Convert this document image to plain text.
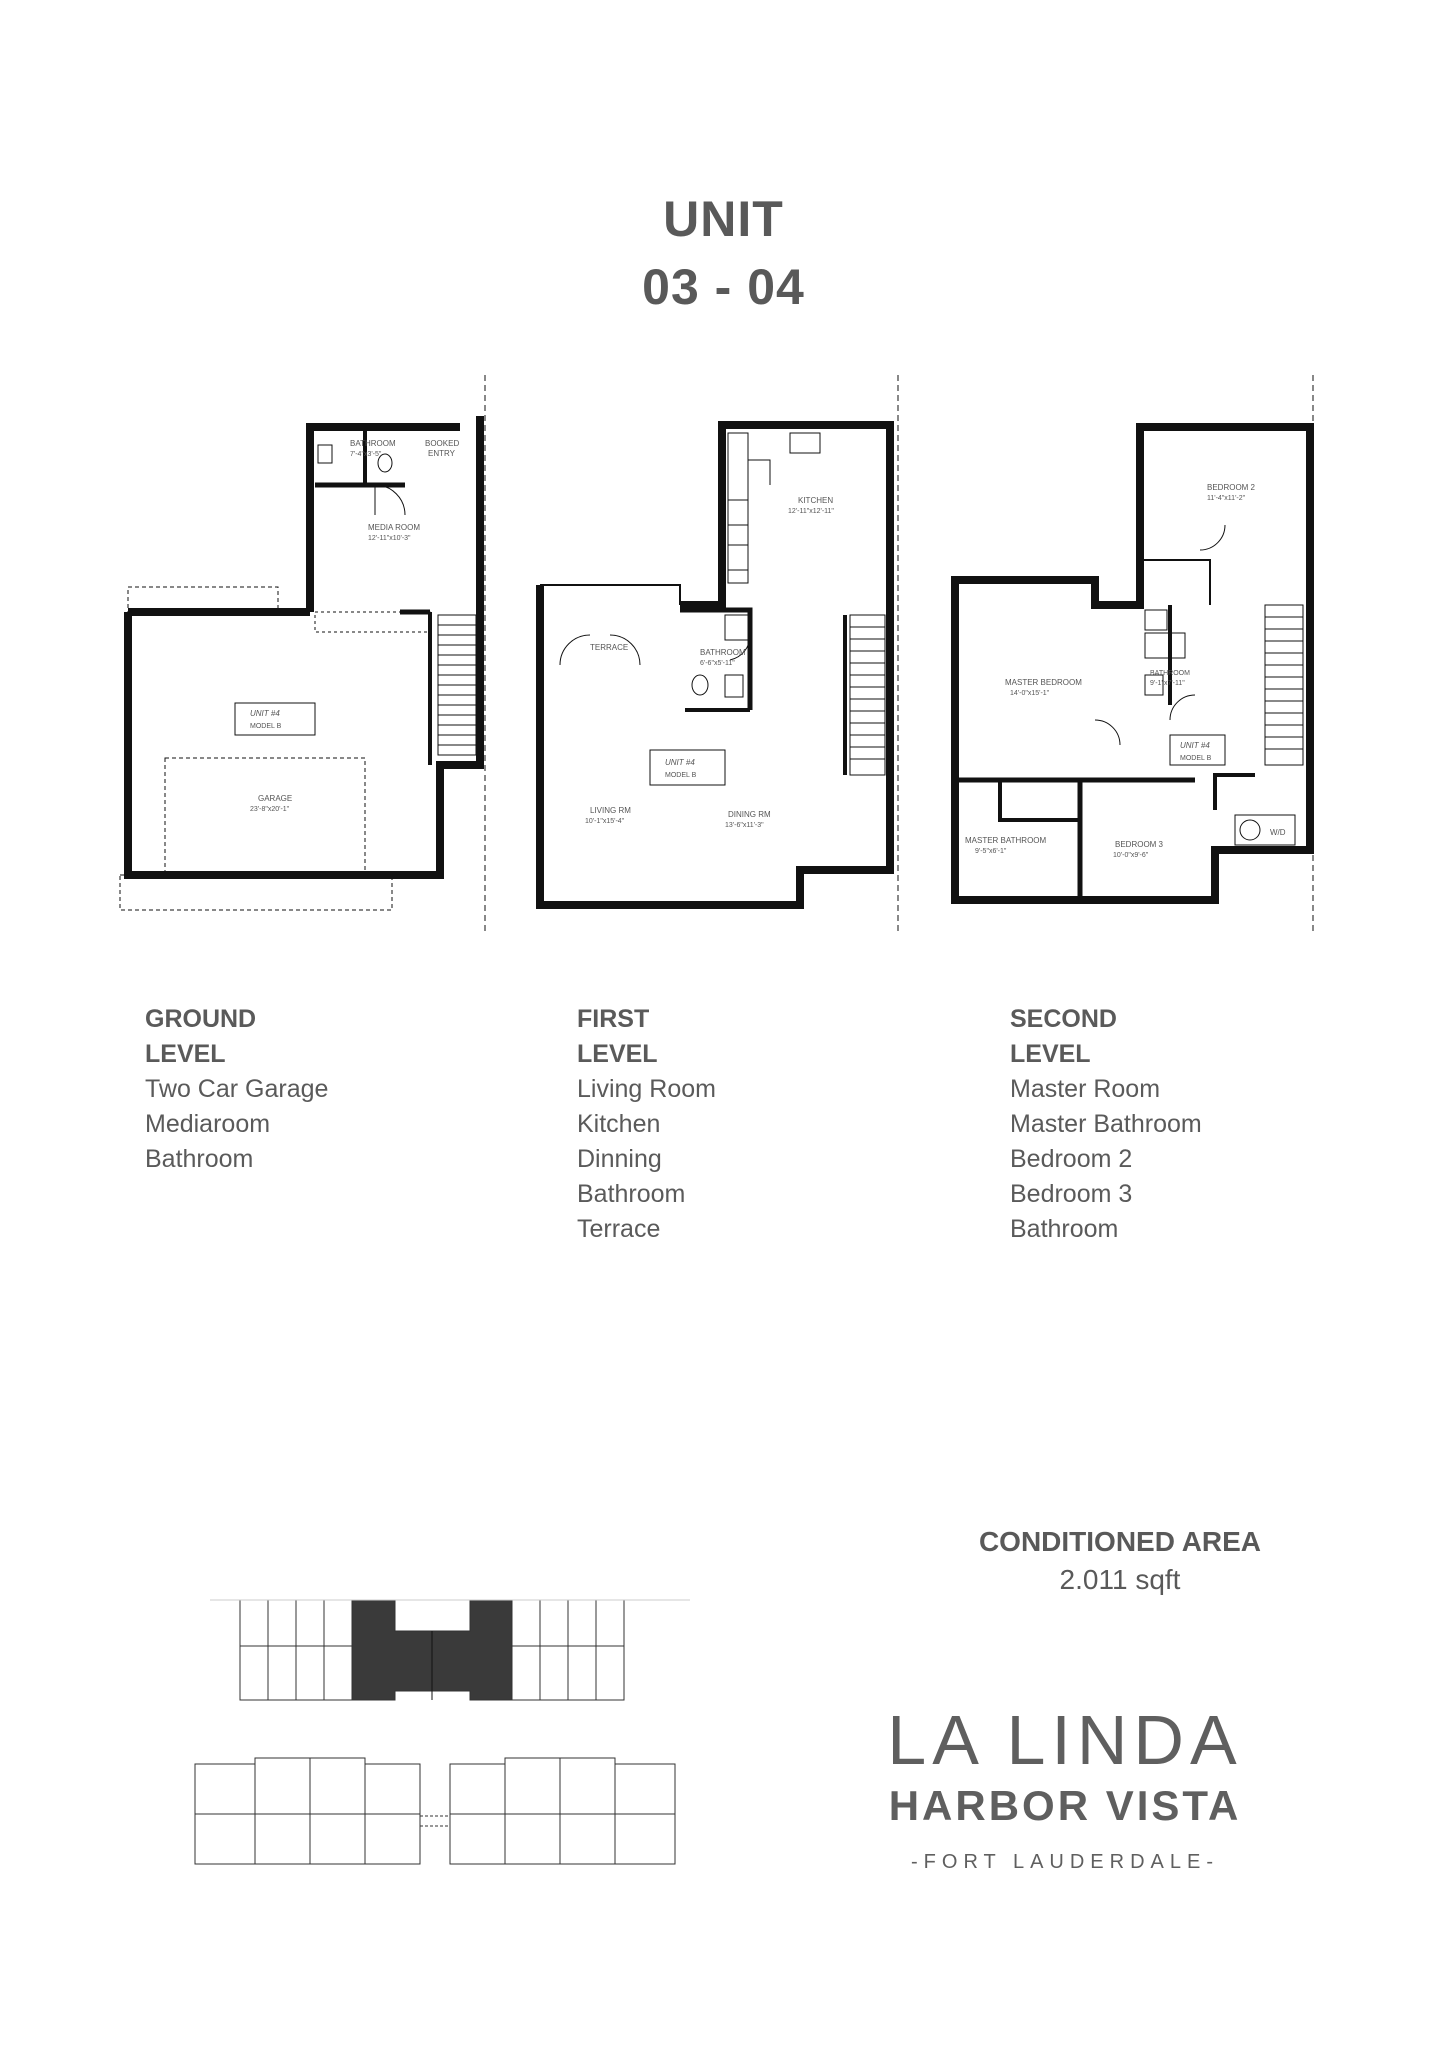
UNIT
03 - 04
BATHROOM
7'-4"x3'-5"
BOOKED
ENTRY
MEDIA ROOM
12'-11"x10'-3"
GARAGE
23'-8"x20'-1"
UNIT #4
MODEL B
KITCHEN
12'-11"x12'-11"
TERRACE
BATHROOM
6'-6"x5'-11"
LIVING RM
10'-1"x15'-4"
DINING RM
13'-6"x11'-3"
UNIT #4
MODEL B
BEDROOM 2
11'-4"x11'-2"
MASTER BEDROOM
14'-0"x15'-1"
BATHROOM
9'-1"x7'-11"
MASTER BATHROOM
9'-5"x6'-1"
BEDROOM 3
10'-0"x9'-6"
W/D
UNIT #4
MODEL B
GROUND
LEVEL
Two Car Garage
Mediaroom
Bathroom
FIRST
LEVEL
Living Room
Kitchen
Dinning
Bathroom
Terrace
SECOND
LEVEL
Master Room
Master Bathroom
Bedroom 2
Bedroom 3
Bathroom
CONDITIONED AREA
2.011 sqft
LA LINDA
HARBOR VISTA
-FORT LAUDERDALE-
